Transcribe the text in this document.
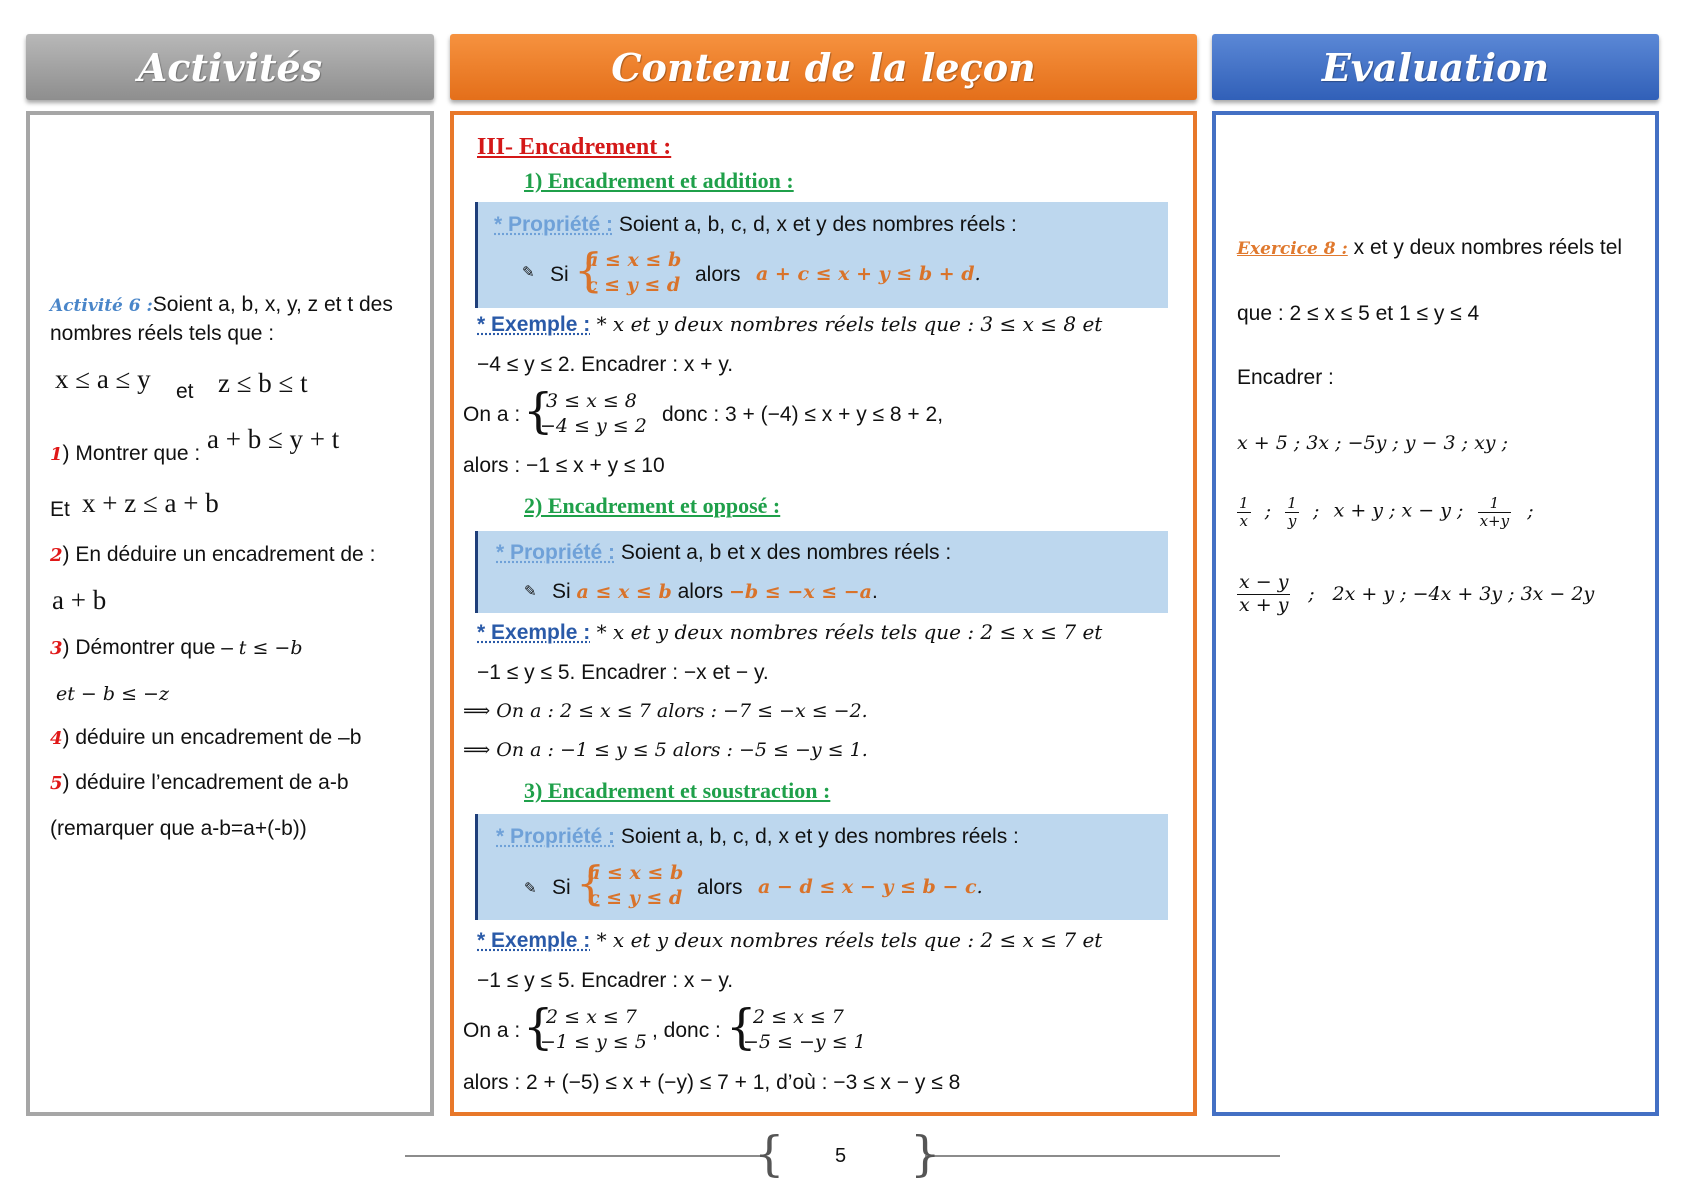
Activités	Contenu de la leçon	Evaluation
Activité 6 :Soient a, b, x, y, z et t des
nombres réels tels que :
x ≤ a ≤ y et z ≤ b ≤ t
1) Montrer que : a + b ≤ y + t
Et x + z ≤ a + b
2) En déduire un encadrement de :
a + b
3) Démontrer que – t ≤ −b
et − b ≤ −z
4) déduire un encadrement de –b
5) déduire l’encadrement de a-b
(remarquer que a-b=a+(-b))
III- Encadrement :
1) Encadrement et addition :
* Propriété : Soient a, b, c, d, x et y des nombres réels :
✎ Si {
a ≤ x ≤ b
c ≤ y ≤ d alors a + c ≤ x + y ≤ b + d.
* Exemple : * x et y deux nombres réels tels que : 3 ≤ x ≤ 8 et
−4 ≤ y ≤ 2. Encadrer : x + y.
On a : {
3 ≤ x ≤ 8
−4 ≤ y ≤ 2 donc : 3 + (−4) ≤ x + y ≤ 8 + 2,
alors : −1 ≤ x + y ≤ 10
2) Encadrement et opposé :
* Propriété : Soient a, b et x des nombres réels :
✎ Si a ≤ x ≤ b alors −b ≤ −x ≤ −a.
* Exemple : * x et y deux nombres réels tels que : 2 ≤ x ≤ 7 et
−1 ≤ y ≤ 5. Encadrer : −x et − y.
⟹ On a : 2 ≤ x ≤ 7 alors : −7 ≤ −x ≤ −2.
⟹ On a : −1 ≤ y ≤ 5 alors : −5 ≤ −y ≤ 1.
3) Encadrement et soustraction :
* Propriété : Soient a, b, c, d, x et y des nombres réels :
✎ Si {
a ≤ x ≤ b
c ≤ y ≤ d alors a − d ≤ x − y ≤ b − c.
* Exemple : * x et y deux nombres réels tels que : 2 ≤ x ≤ 7 et
−1 ≤ y ≤ 5. Encadrer : x − y.
On a : {
2 ≤ x ≤ 7
−1 ≤ y ≤ 5 , donc : {
2 ≤ x ≤ 7
−5 ≤ −y ≤ 1
alors : 2 + (−5) ≤ x + (−y) ≤ 7 + 1, d’où : −3 ≤ x − y ≤ 8
Exercice 8 : x et y deux nombres réels tel
que : 2 ≤ x ≤ 5 et 1 ≤ y ≤ 4
Encadrer :
x + 5 ; 3x ; −5y ; y − 3 ; xy ;
$\frac{1}{x}$ ; $\frac{1}{y}$ ; x + y ; x − y ; $\frac{1}{x+y}$ ;
$\frac{x - y}{x + y}$ ; 2x + y ; −4x + 3y ; 3x − 2y
{	}
5
